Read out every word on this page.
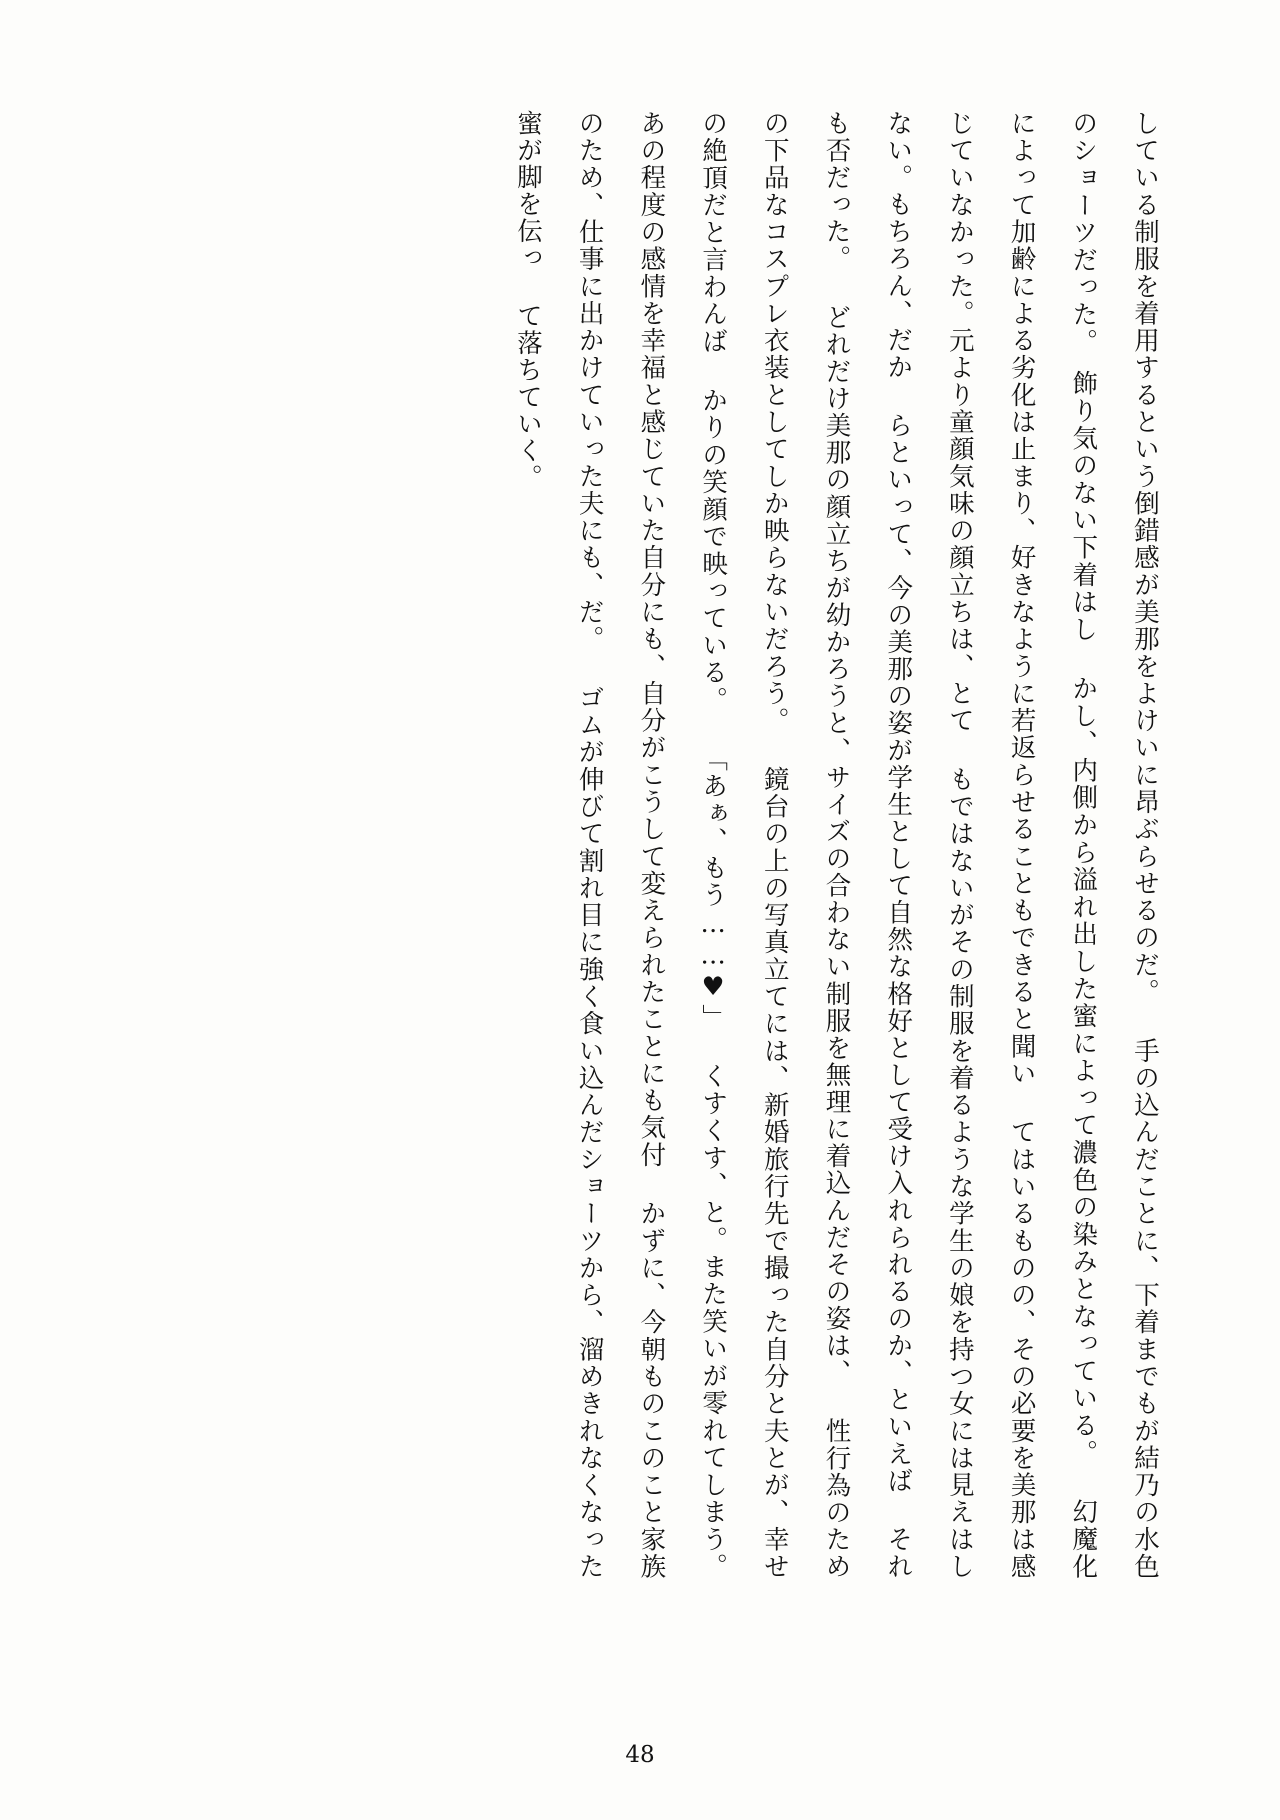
している制服を着用するという倒錯感が美那をよけいに昂ぶらせるのだ。 手の込んだことに、下着までもが結乃の水色のショーツだった。　飾り気のない下着はし かし、内側から溢れ出した蜜によって濃色の染みとなっている。 幻魔化によって加齢による劣化は止まり、好きなように若返らせることもできると聞い てはいるものの、その必要を美那は感じていなかった。元より童顔気味の顔立ちは、とて もではないがその制服を着るような学生の娘を持つ女には見えはしない。もちろん、だか らといって、今の美那の姿が学生として自然な格好として受け入れられるのか、といえば それも否だった。 どれだけ美那の顔立ちが幼かろうと、サイズの合わない制服を無理に着込んだその姿は、 性行為のための下品なコスプレ衣装としてしか映らないだろう。 鏡台の上の写真立てには、新婚旅行先で撮った自分と夫とが、幸せの絶頂だと言わんば かりの笑顔で映っている。 「あぁ、もう……♥」 くすくす、と。また笑いが零れてしまう。 あの程度の感情を幸福と感じていた自分にも、自分がこうして変えられたことにも気付 かずに、今朝ものこのこと家族のため、仕事に出かけていった夫にも、だ。 ゴムが伸びて割れ目に強く食い込んだショーツから、溜めきれなくなった蜜が脚を伝っ て落ちていく。

48
